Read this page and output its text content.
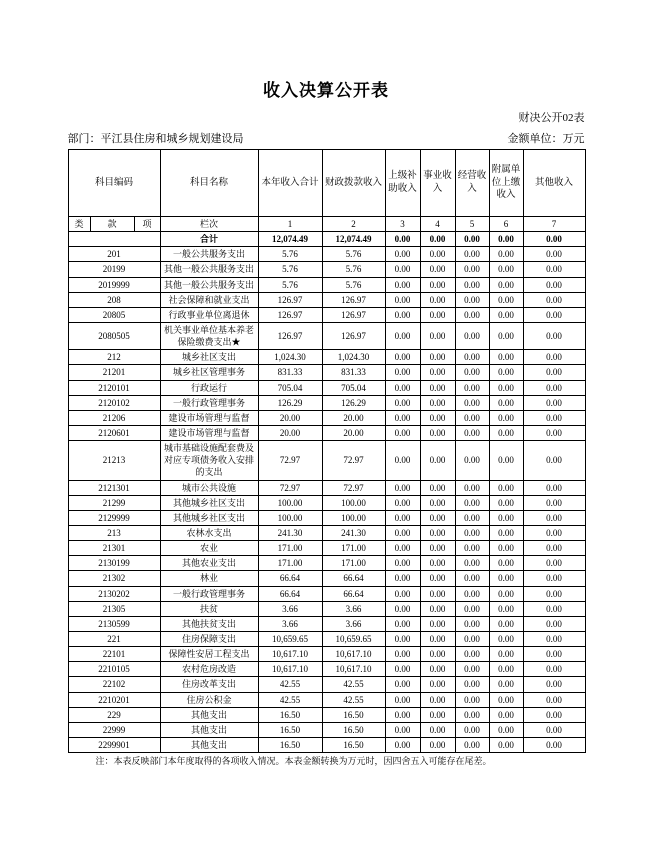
收入决算公开表
财决公开02表
部门：平江县住房和城乡规划建设局	金额单位：万元
科目编码			科目名称	本年收入合计	财政拨款收入	上级补助收入	事业收入	经营收入	附属单位上缴收入	其他收入
类	款	项	栏次	1	2	3	4	5	6	7
			合计	12,074.49	12,074.49	0.00	0.00	0.00	0.00	0.00
201			一般公共服务支出	5.76	5.76	0.00	0.00	0.00	0.00	0.00
20199			其他一般公共服务支出	5.76	5.76	0.00	0.00	0.00	0.00	0.00
2019999			其他一般公共服务支出	5.76	5.76	0.00	0.00	0.00	0.00	0.00
208			社会保障和就业支出	126.97	126.97	0.00	0.00	0.00	0.00	0.00
20805			行政事业单位离退休	126.97	126.97	0.00	0.00	0.00	0.00	0.00
2080505			机关事业单位基本养老保险缴费支出★	126.97	126.97	0.00	0.00	0.00	0.00	0.00
212			城乡社区支出	1,024.30	1,024.30	0.00	0.00	0.00	0.00	0.00
21201			城乡社区管理事务	831.33	831.33	0.00	0.00	0.00	0.00	0.00
2120101			行政运行	705.04	705.04	0.00	0.00	0.00	0.00	0.00
2120102			一般行政管理事务	126.29	126.29	0.00	0.00	0.00	0.00	0.00
21206			建设市场管理与监督	20.00	20.00	0.00	0.00	0.00	0.00	0.00
2120601			建设市场管理与监督	20.00	20.00	0.00	0.00	0.00	0.00	0.00
21213			城市基础设施配套费及对应专项债务收入安排的支出	72.97	72.97	0.00	0.00	0.00	0.00	0.00
2121301			城市公共设施	72.97	72.97	0.00	0.00	0.00	0.00	0.00
21299			其他城乡社区支出	100.00	100.00	0.00	0.00	0.00	0.00	0.00
2129999			其他城乡社区支出	100.00	100.00	0.00	0.00	0.00	0.00	0.00
213			农林水支出	241.30	241.30	0.00	0.00	0.00	0.00	0.00
21301			农业	171.00	171.00	0.00	0.00	0.00	0.00	0.00
2130199			其他农业支出	171.00	171.00	0.00	0.00	0.00	0.00	0.00
21302			林业	66.64	66.64	0.00	0.00	0.00	0.00	0.00
2130202			一般行政管理事务	66.64	66.64	0.00	0.00	0.00	0.00	0.00
21305			扶贫	3.66	3.66	0.00	0.00	0.00	0.00	0.00
2130599			其他扶贫支出	3.66	3.66	0.00	0.00	0.00	0.00	0.00
221			住房保障支出	10,659.65	10,659.65	0.00	0.00	0.00	0.00	0.00
22101			保障性安居工程支出	10,617.10	10,617.10	0.00	0.00	0.00	0.00	0.00
2210105			农村危房改造	10,617.10	10,617.10	0.00	0.00	0.00	0.00	0.00
22102			住房改革支出	42.55	42.55	0.00	0.00	0.00	0.00	0.00
2210201			住房公积金	42.55	42.55	0.00	0.00	0.00	0.00	0.00
229			其他支出	16.50	16.50	0.00	0.00	0.00	0.00	0.00
22999			其他支出	16.50	16.50	0.00	0.00	0.00	0.00	0.00
2299901			其他支出	16.50	16.50	0.00	0.00	0.00	0.00	0.00
注：本表反映部门本年度取得的各项收入情况。本表金额转换为万元时，因四舍五入可能存在尾差。
